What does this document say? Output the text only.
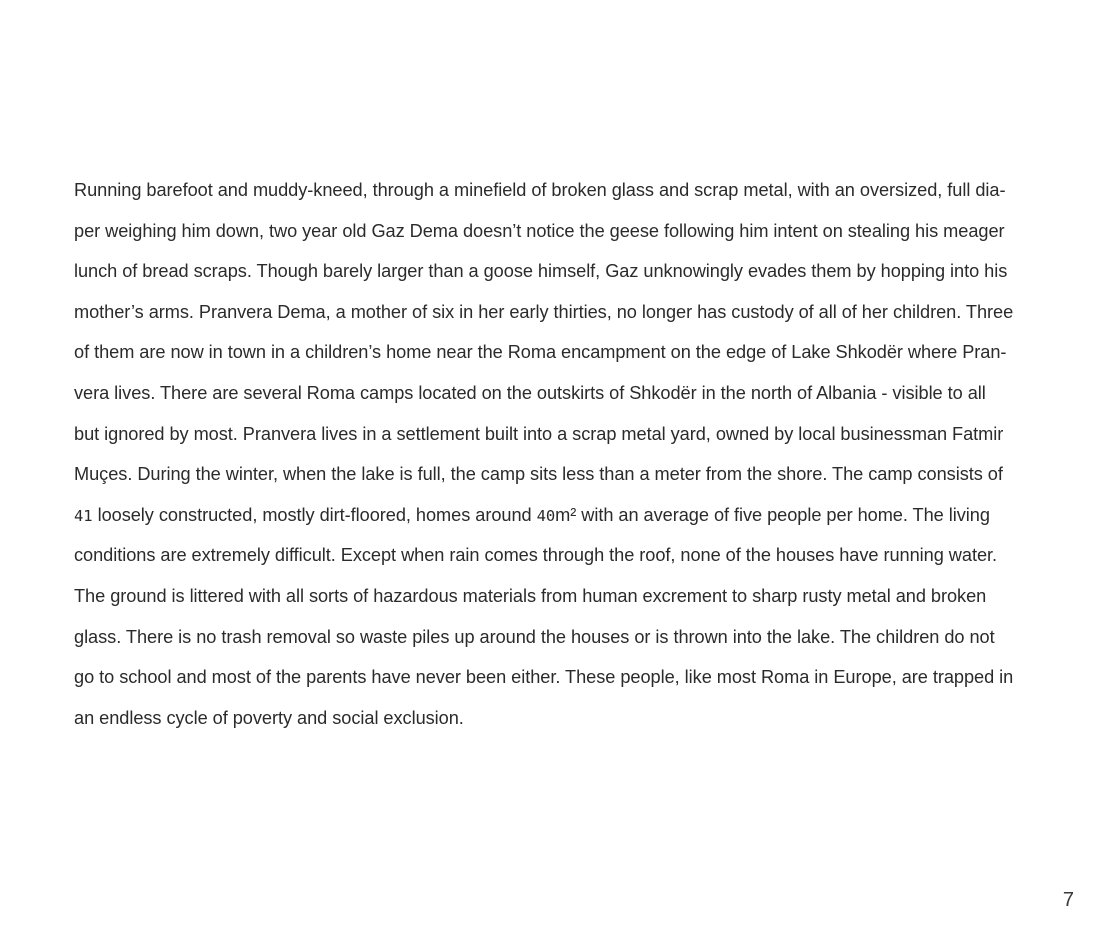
Running barefoot and muddy-kneed, through a minefield of broken glass and scrap metal, with an oversized, full dia-
per weighing him down, two year old Gaz Dema doesn’t notice the geese following him intent on stealing his meager
lunch of bread scraps. Though barely larger than a goose himself, Gaz unknowingly evades them by hopping into his
mother’s arms. Pranvera Dema, a mother of six in her early thirties, no longer has custody of all of her children. Three
of them are now in town in a children’s home near the Roma encampment on the edge of Lake Shkodër where Pran-
vera lives. There are several Roma camps located on the outskirts of Shkodër in the north of Albania - visible to all
but ignored by most. Pranvera lives in a settlement built into a scrap metal yard, owned by local businessman Fatmir
Muçes. During the winter, when the lake is full, the camp sits less than a meter from the shore. The camp consists of
41 loosely constructed, mostly dirt-floored, homes around 40m² with an average of five people per home. The living
conditions are extremely difficult. Except when rain comes through the roof, none of the houses have running water.
The ground is littered with all sorts of hazardous materials from human excrement to sharp rusty metal and broken
glass. There is no trash removal so waste piles up around the houses or is thrown into the lake. The children do not
go to school and most of the parents have never been either. These people, like most Roma in Europe, are trapped in
an endless cycle of poverty and social exclusion.
7
